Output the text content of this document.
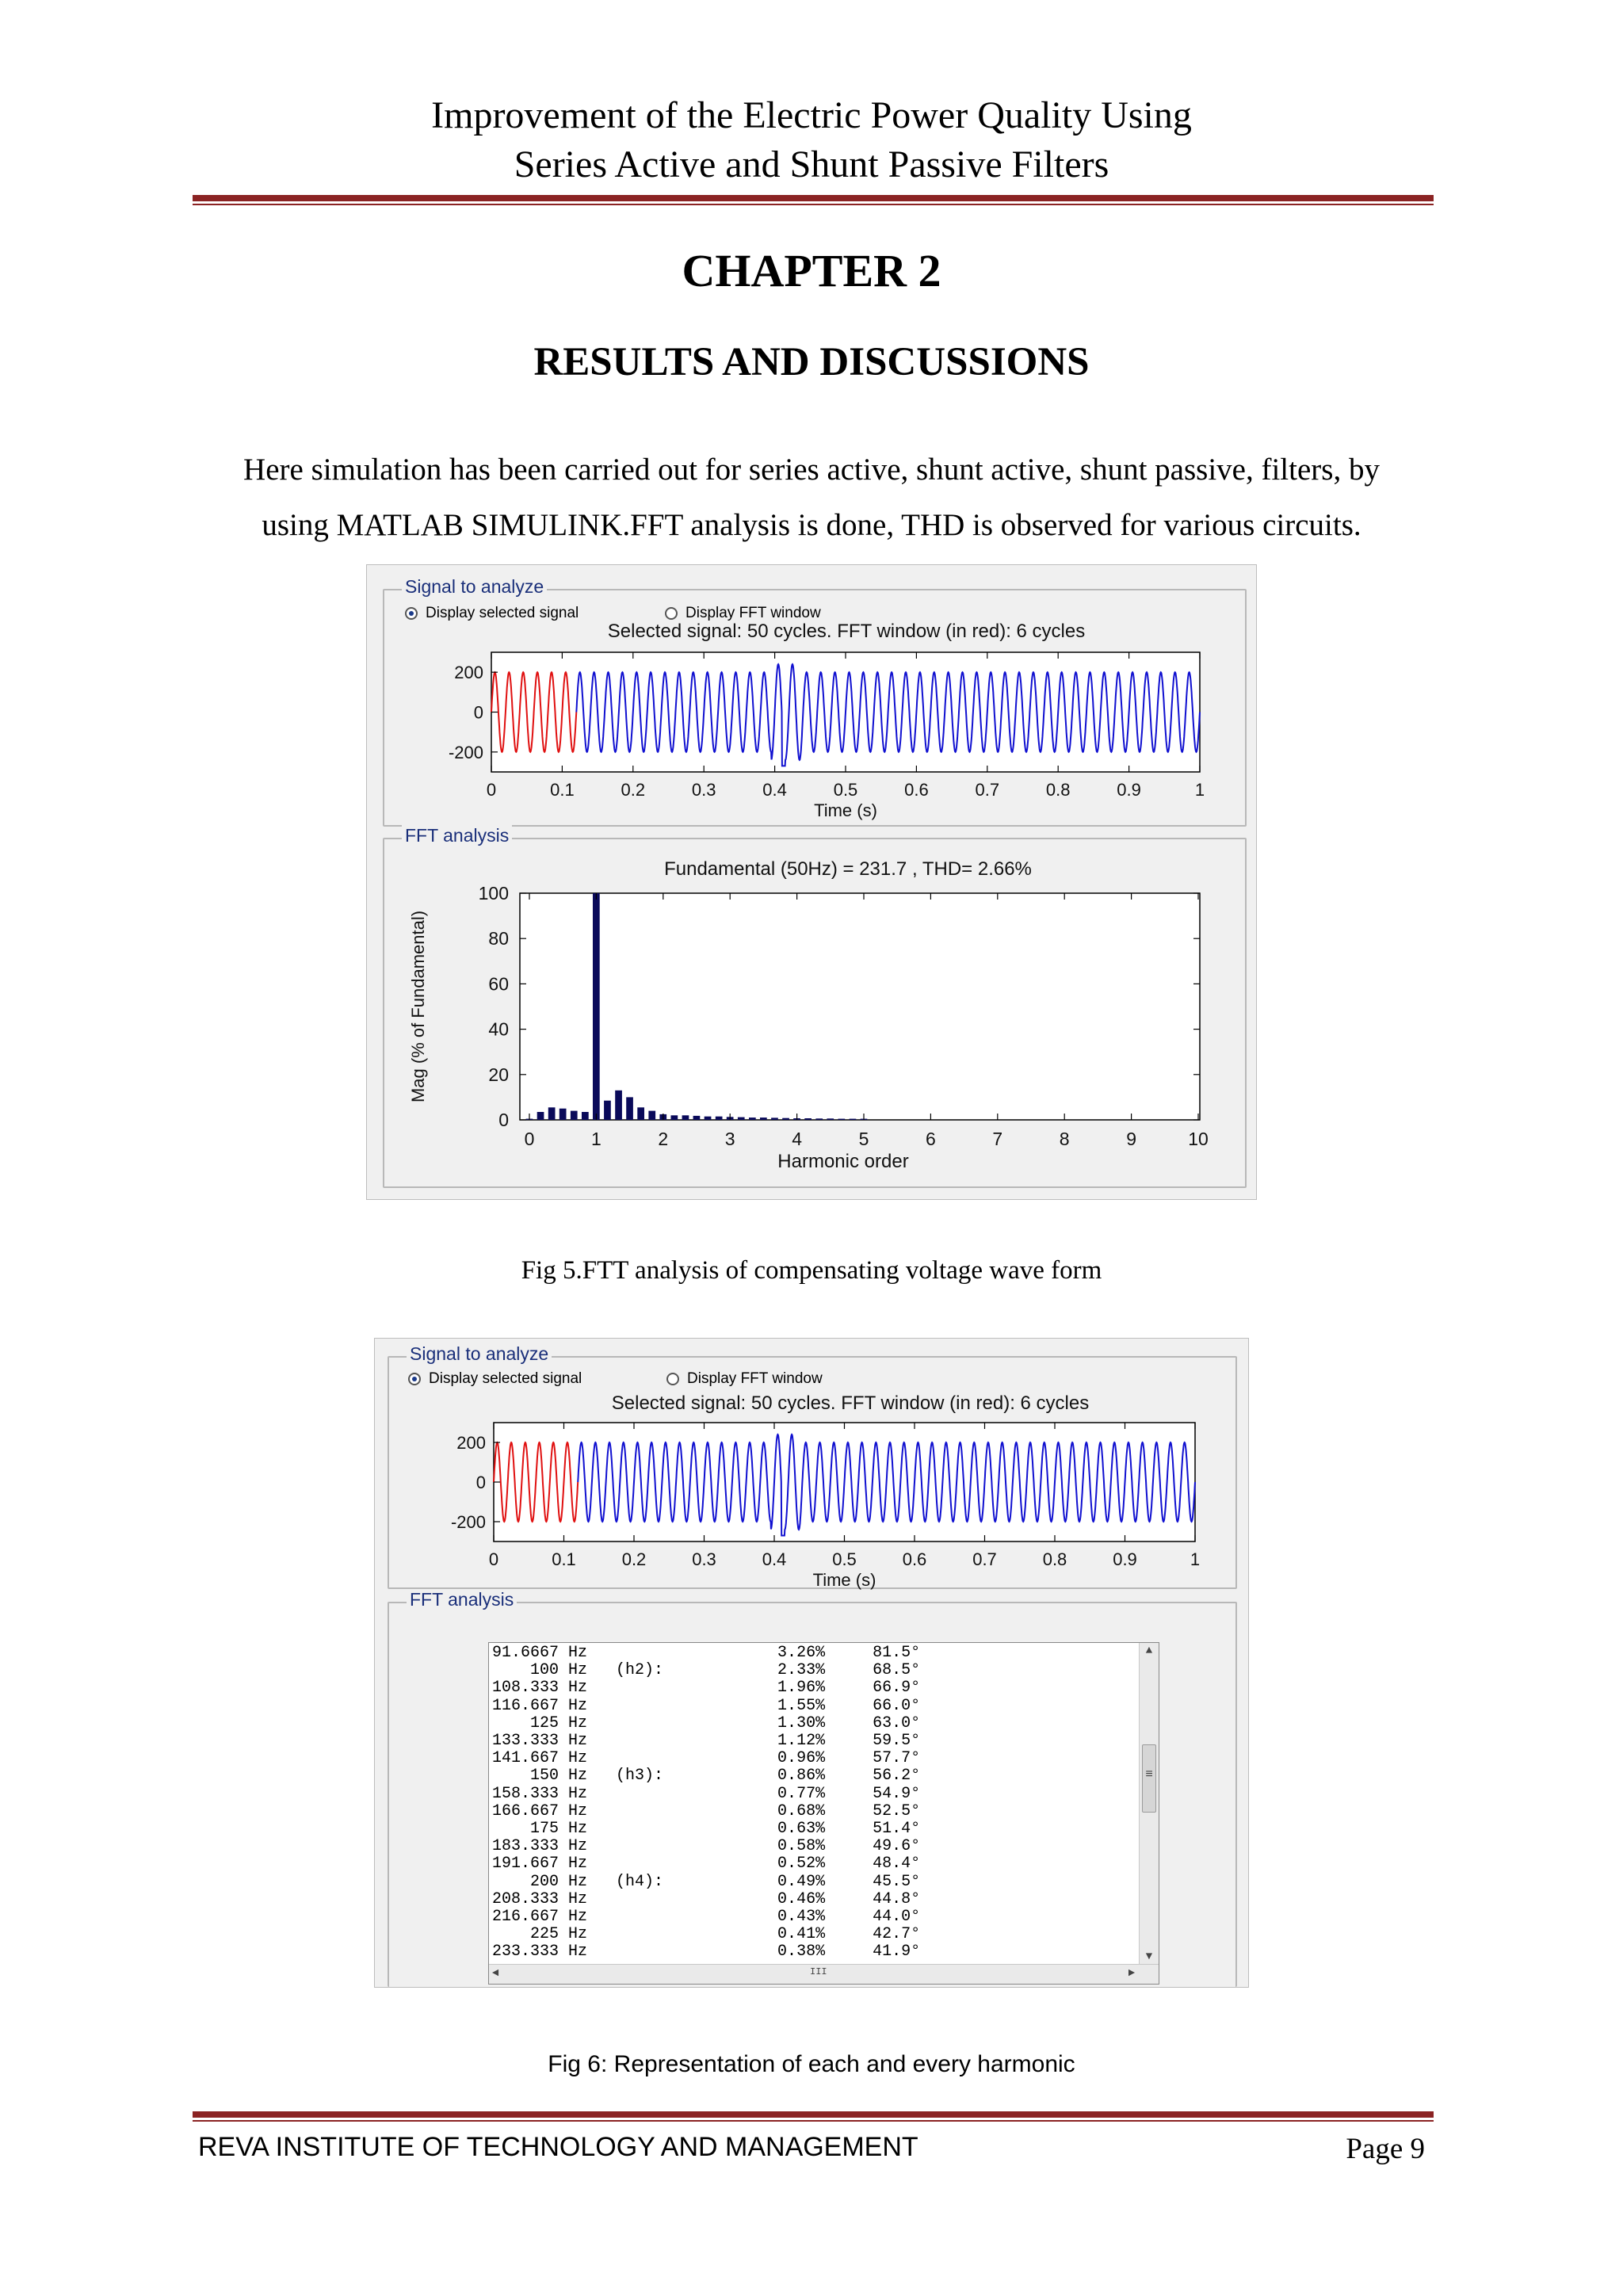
Improvement of the Electric Power Quality Using
Series Active and Shunt Passive Filters
CHAPTER 2
RESULTS AND DISCUSSIONS
Here simulation has been carried out for series active, shunt active, shunt passive, filters, by
using MATLAB SIMULINK.FFT analysis is done, THD is observed for various circuits.
Signal to analyze
Display selected signal	Display FFT window
Selected signal: 50 cycles. FFT window (in red): 6 cycles
0	0.1	0.2	0.3	0.4	0.5	0.6	0.7	0.8	0.9	1
200
0
-200
Time (s)
FFT analysis
Fundamental (50Hz) = 231.7 , THD= 2.66%
0	1	2	3	4	5	6	7	8	9	10
0
20
40
60
80
100
Harmonic order
Mag (% of Fundamental)
Fig 5.FTT analysis of compensating voltage wave form
Signal to analyze
Display selected signal	Display FFT window
Selected signal: 50 cycles. FFT window (in red): 6 cycles
0	0.1	0.2	0.3	0.4	0.5	0.6	0.7	0.8	0.9	1
200
0
-200
Time (s)
FFT analysis
91.6667 Hz                    3.26%     81.5°
100 Hz   (h2):            2.33%     68.5°
108.333 Hz                    1.96%     66.9°
116.667 Hz                    1.55%     66.0°
125 Hz                    1.30%     63.0°
133.333 Hz                    1.12%     59.5°
141.667 Hz                    0.96%     57.7°
150 Hz   (h3):            0.86%     56.2°
158.333 Hz                    0.77%     54.9°
166.667 Hz                    0.68%     52.5°
175 Hz                    0.63%     51.4°
183.333 Hz                    0.58%     49.6°
191.667 Hz                    0.52%     48.4°
200 Hz   (h4):            0.49%     45.5°
208.333 Hz                    0.46%     44.8°
216.667 Hz                    0.43%     44.0°
225 Hz                    0.41%     42.7°
233.333 Hz                    0.38%     41.9°
▲
≡
▼
◄	III	►
Fig 6: Representation of each and every harmonic
REVA INSTITUTE OF TECHNOLOGY AND MANAGEMENT	Page 9
